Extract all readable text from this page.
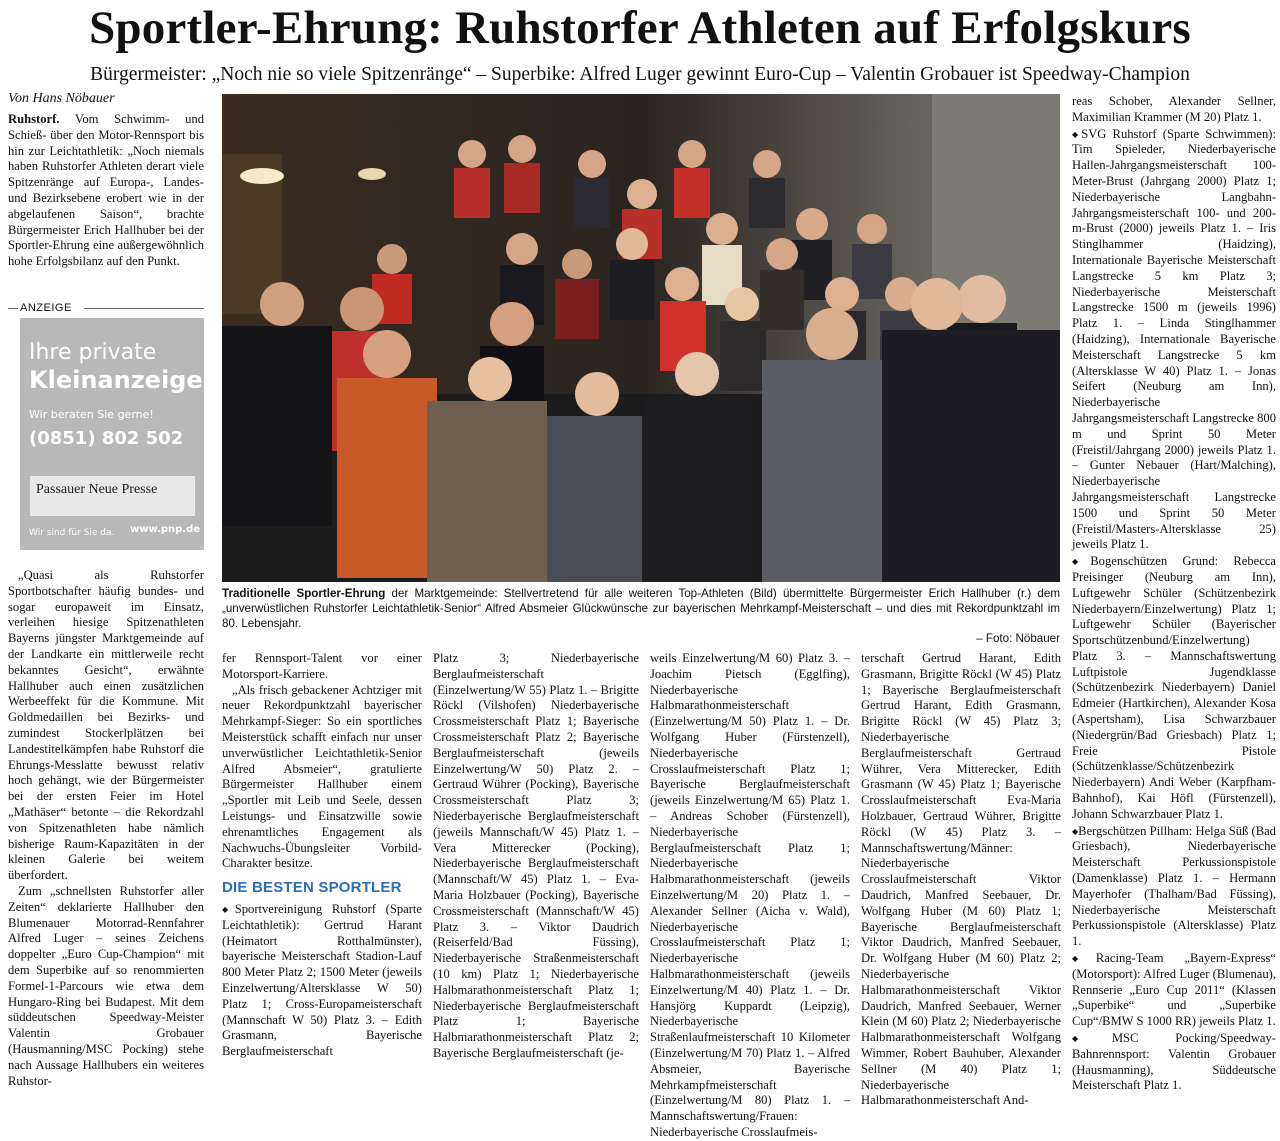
Sportler-Ehrung: Ruhstorfer Athleten auf Erfolgskurs
Bürgermeister: „Noch nie so viele Spitzenränge“ – Superbike: Alfred Luger gewinnt Euro-Cup – Valentin Grobauer ist Speedway-Champion
Von Hans Nöbauer

Ruhstorf. Vom Schwimm- und Schieß- über den Motor-Rennsport bis hin zur Leichtathletik: „Noch niemals haben Ruhstorfer Athleten derart viele Spitzenränge auf Europa-, Landes- und Bezirksebene erobert wie in der abgelaufenen Saison“, brachte Bürgermeister Erich Hallhuber bei der Sportler-Ehrung eine außergewöhnlich hohe Erfolgsbilanz auf den Punkt.

ANZEIGE
Ihre private
Kleinanzeige
Wir beraten Sie gerne!
(0851) 802 502
Passauer Neue Presse
Wir sind für Sie da. www.pnp.de

„Quasi als Ruhstorfer Sportbotschafter häufig bundes- und sogar europaweit im Einsatz, verleihen hiesige Spitzenathleten Bayerns jüngster Marktgemeinde auf der Landkarte ein mittlerweile recht bekanntes Gesicht“, erwähnte Hallhuber auch einen zusätzlichen Werbeeffekt für die Kommune. Mit Goldmedaillen bei Bezirks- und zumindest Stockerlplätzen bei Landestitelkämpfen habe Ruhstorf die Ehrungs-Messlatte bewusst relativ hoch gehängt, wie der Bürgermeister bei der ersten Feier im Hotel „Mathäser“ betonte – die Rekordzahl von Spitzenathleten habe nämlich bisherige Raum-Kapazitäten in der kleinen Galerie bei weitem überfordert.

Zum „schnellsten Ruhstorfer aller Zeiten“ deklarierte Hallhuber den Blumenauer Motorrad-Rennfahrer Alfred Luger – seines Zeichens doppelter „Euro Cup-Champion“ mit dem Superbike auf so renommierten Formel-1-Parcours wie etwa dem Hungaro-Ring bei Budapest. Mit dem süddeutschen Speedway-Meister Valentin Grobauer (Hausmanning/MSC Pocking) stehe nach Aussage Hallhubers ein weiteres Ruhstor-

Traditionelle Sportler-Ehrung der Marktgemeinde: Stellvertretend für alle weiteren Top-Athleten (Bild) übermittelte Bürgermeister Erich Hallhuber (r.) dem „unverwüstlichen Ruhstorfer Leichtathletik-Senior“ Alfred Absmeier Glückwünsche zur bayerischen Mehrkampf-Meisterschaft – und dies mit Rekordpunktzahl im 80. Lebensjahr.
– Foto: Nöbauer

fer Rennsport-Talent vor einer Motorsport-Karriere.

„Als frisch gebackener Achtziger mit neuer Rekordpunktzahl bayerischer Mehrkampf-Sieger: So ein sportliches Meisterstück schafft einfach nur unser unverwüstlicher Leichtathletik-Senior Alfred Absmeier“, gratulierte Bürgermeister Hallhuber einem „Sportler mit Leib und Seele, dessen Leistungs- und Einsatzwille sowie ehrenamtliches Engagement als Nachwuchs-Übungsleiter Vorbild-Charakter besitze.

DIE BESTEN SPORTLER
◆ Sportvereinigung Ruhstorf (Sparte Leichtathletik): Gertrud Harant (Heimatort Rotthalmünster), bayerische Meisterschaft Stadion-Lauf 800 Meter Platz 2; 1500 Meter (jeweils Einzelwertung/Altersklasse W 50) Platz 1; Cross-Europameisterschaft (Mannschaft W 50) Platz 3. – Edith Grasmann, Bayerische Berglaufmeisterschaft

Platz 3; Niederbayerische Berglaufmeisterschaft (Einzelwertung/W 55) Platz 1. – Brigitte Röckl (Vilshofen) Niederbayerische Crossmeisterschaft Platz 1; Bayerische Crossmeisterschaft Platz 2; Bayerische Berglaufmeisterschaft (jeweils Einzelwertung/W 50) Platz 2. – Gertraud Wührer (Pocking), Bayerische Crossmeisterschaft Platz 3; Niederbayerische Berglaufmeisterschaft (jeweils Mannschaft/W 45) Platz 1. – Vera Mitterecker (Pocking), Niederbayerische Berglaufmeisterschaft (Mannschaft/W 45) Platz 1. – Eva-Maria Holzbauer (Pocking), Bayerische Crossmeisterschaft (Mannschaft/W 45) Platz 3. – Viktor Daudrich (Reiserfeld/Bad Füssing), Niederbayerische Straßenmeisterschaft (10 km) Platz 1; Niederbayerische Halbmarathonmeisterschaft Platz 1; Niederbayerische Berglaufmeisterschaft Platz 1; Bayerische Halbmarathonmeisterschaft Platz 2; Bayerische Berglaufmeisterschaft (je-

weils Einzelwertung/M 60) Platz 3. – Joachim Pietsch (Egglfing), Niederbayerische Halbmarathonmeisterschaft (Einzelwertung/M 50) Platz 1. – Dr. Wolfgang Huber (Fürstenzell), Niederbayerische Crosslaufmeisterschaft Platz 1; Bayerische Berglaufmeisterschaft (jeweils Einzelwertung/M 65) Platz 1. – Andreas Schober (Fürstenzell), Niederbayerische Berglaufmeisterschaft Platz 1; Niederbayerische Halbmarathonmeisterschaft (jeweils Einzelwertung/M 20) Platz 1. – Alexander Sellner (Aicha v. Wald), Niederbayerische Crosslaufmeisterschaft Platz 1; Niederbayerische Halbmarathonmeisterschaft (jeweils Einzelwertung/M 40) Platz 1. – Dr. Hansjörg Kuppardt (Leipzig), Niederbayerische Straßenlaufmeisterschaft 10 Kilometer (Einzelwertung/M 70) Platz 1. – Alfred Absmeier, Bayerische Mehrkampfmeisterschaft (Einzelwertung/M 80) Platz 1. – Mannschaftswertung/Frauen: Niederbayerische Crosslaufmeis-

terschaft Gertrud Harant, Edith Grasmann, Brigitte Röckl (W 45) Platz 1; Bayerische Berglaufmeisterschaft Gertrud Harant, Edith Grasmann, Brigitte Röckl (W 45) Platz 3; Niederbayerische Berglaufmeisterschaft Gertraud Wührer, Vera Mitterecker, Edith Grasmann (W 45) Platz 1; Bayerische Crosslaufmeisterschaft Eva-Maria Holzbauer, Gertraud Wührer, Brigitte Röckl (W 45) Platz 3. – Mannschaftswertung/Männer: Niederbayerische Crosslaufmeisterschaft Viktor Daudrich, Manfred Seebauer, Dr. Wolfgang Huber (M 60) Platz 1; Bayerische Berglaufmeisterschaft Viktor Daudrich, Manfred Seebauer, Dr. Wolfgang Huber (M 60) Platz 2; Niederbayerische Halbmarathonmeisterschaft Viktor Daudrich, Manfred Seebauer, Werner Klein (M 60) Platz 2; Niederbayerische Halbmarathonmeisterschaft Wolfgang Wimmer, Robert Bauhuber, Alexander Sellner (M 40) Platz 1; Niederbayerische Halbmarathonmeisterschaft And-

reas Schober, Alexander Sellner, Maximilian Krammer (M 20) Platz 1.

◆ SVG Ruhstorf (Sparte Schwimmen): Tim Spieleder, Niederbayerische Hallen-Jahrgangsmeisterschaft 100-Meter-Brust (Jahrgang 2000) Platz 1; Niederbayerische Langbahn-Jahrgangsmeisterschaft 100- und 200-m-Brust (2000) jeweils Platz 1. – Iris Stinglhammer (Haidzing), Internationale Bayerische Meisterschaft Langstrecke 5 km Platz 3; Niederbayerische Meisterschaft Langstrecke 1500 m (jeweils 1996) Platz 1. – Linda Stinglhammer (Haidzing), Internationale Bayerische Meisterschaft Langstrecke 5 km (Altersklasse W 40) Platz 1. – Jonas Seifert (Neuburg am Inn), Niederbayerische Jahrgangsmeisterschaft Langstrecke 800 m und Sprint 50 Meter (Freistil/Jahrgang 2000) jeweils Platz 1. – Gunter Nebauer (Hart/Malching), Niederbayerische Jahrgangsmeisterschaft Langstrecke 1500 und Sprint 50 Meter (Freistil/Masters-Altersklasse 25) jeweils Platz 1.
◆ Bogenschützen Grund: Rebecca Preisinger (Neuburg am Inn), Luftgewehr Schüler (Schützenbezirk Niederbayern/Einzelwertung) Platz 1; Luftgewehr Schüler (Bayerischer Sportschützenbund/Einzelwertung) Platz 3. – Mannschaftswertung Luftpistole Jugendklasse (Schützenbezirk Niederbayern) Daniel Edmeier (Hartkirchen), Alexander Kosa (Aspertsham), Lisa Schwarzbauer (Niedergrün/Bad Griesbach) Platz 1; Freie Pistole (Schützenklasse/Schützenbezirk Niederbayern) Andi Weber (Karpfham-Bahnhof), Kai Höfl (Fürstenzell), Johann Schwarzbauer Platz 1.
◆ Bergschützen Pillham: Helga Süß (Bad Griesbach), Niederbayerische Meisterschaft Perkussionspistole (Damenklasse) Platz 1. – Hermann Mayerhofer (Thalham/Bad Füssing), Niederbayerische Meisterschaft Perkussionspistole (Altersklasse) Platz 1.
◆ Racing-Team „Bayern-Express“ (Motorsport): Alfred Luger (Blumenau), Rennserie „Euro Cup 2011“ (Klassen „Superbike“ und „Superbike Cup“/BMW S 1000 RR) jeweils Platz 1.
◆ MSC Pocking/Speedway-Bahnrennsport: Valentin Grobauer (Hausmanning), Süddeutsche Meisterschaft Platz 1.
